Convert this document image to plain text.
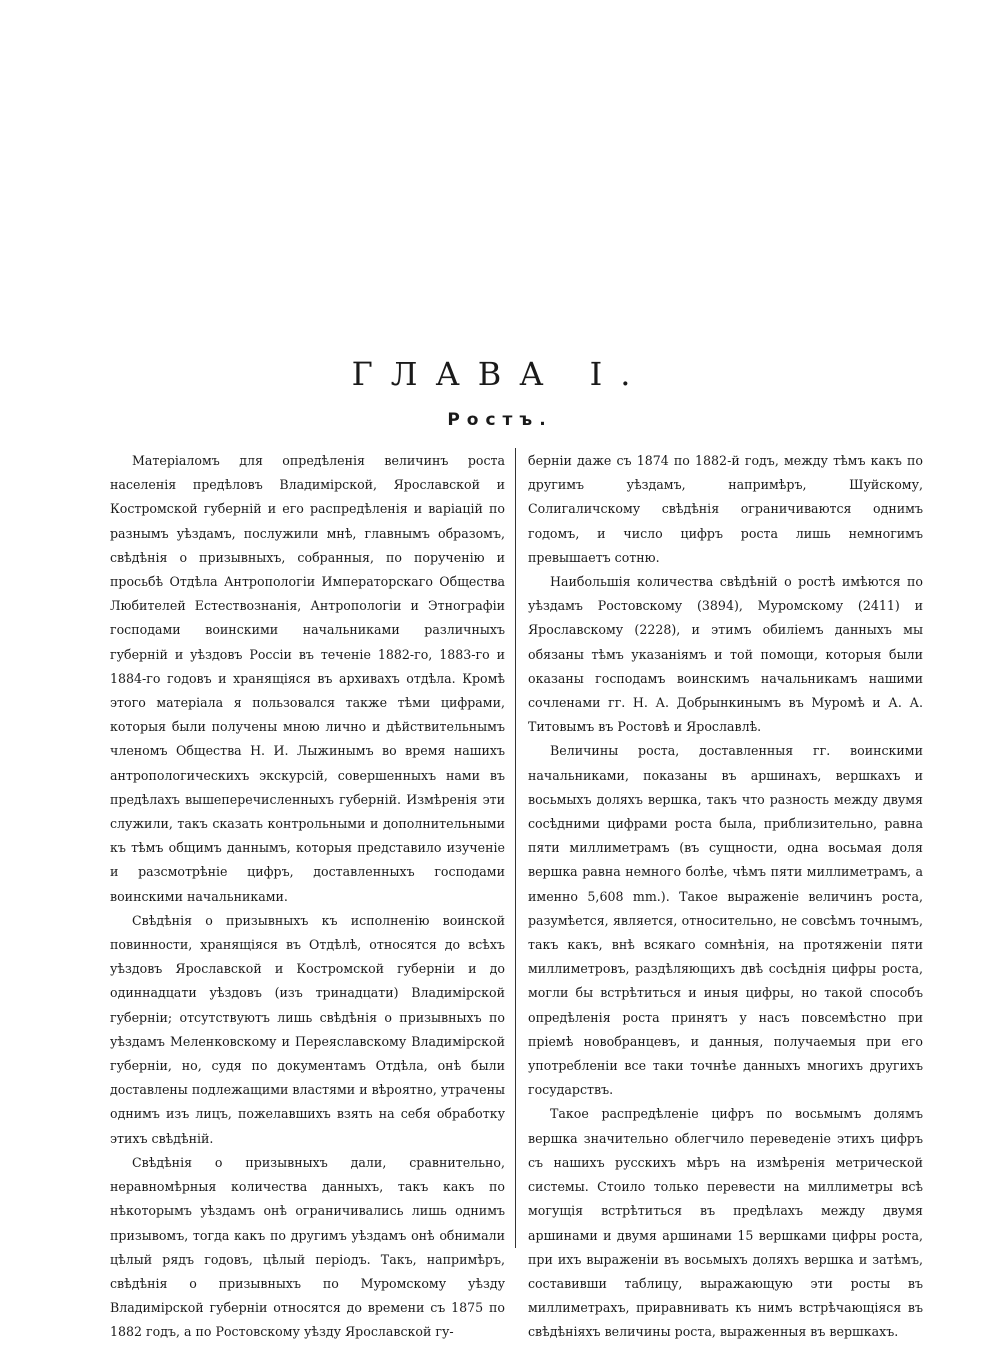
ГЛАВА I.
Ростъ.

Матеріаломъ для опредѣленія величинъ роста населенія предѣловъ Владимірской, Ярославской и Костромской губерній и его распредѣленія и варіацій по разнымъ уѣздамъ, послужили мнѣ, главнымъ образомъ, свѣдѣнія о призывныхъ, собранныя, по порученію и просьбѣ Отдѣла Антропологіи Императорскаго Общества Любителей Естествознанія, Антропологіи и Этнографіи господами воинскими начальниками различныхъ губерній и уѣздовъ Россіи въ теченіе 1882-го, 1883-го и 1884-го годовъ и хранящіяся въ архивахъ отдѣла. Кромѣ этого матеріала я пользовался также тѣми цифрами, которыя были получены мною лично и дѣйствительнымъ членомъ Общества Н. И. Лыжинымъ во время нашихъ антропологическихъ экскурсій, совершенныхъ нами въ предѣлахъ вышеперечисленныхъ губерній. Измѣренія эти служили, такъ сказать контрольными и дополнительными къ тѣмъ общимъ даннымъ, которыя представило изученіе и разсмотрѣніе цифръ, доставленныхъ господами воинскими начальниками.

Свѣдѣнія о призывныхъ къ исполненію воинской повинности, хранящіяся въ Отдѣлѣ, относятся до всѣхъ уѣздовъ Ярославской и Костромской губерніи и до одиннадцати уѣздовъ (изъ тринадцати) Владимірской губерніи; отсутствуютъ лишь свѣдѣнія о призывныхъ по уѣздамъ Меленковскому и Переяславскому Владимірской губерніи, но, судя по документамъ Отдѣла, онѣ были доставлены подлежащими властями и вѣроятно, утрачены однимъ изъ лицъ, пожелавшихъ взять на себя обработку этихъ свѣдѣній.

Свѣдѣнія о призывныхъ дали, сравнительно, неравномѣрныя количества данныхъ, такъ какъ по нѣкоторымъ уѣздамъ онѣ ограничивались лишь однимъ призывомъ, тогда какъ по другимъ уѣздамъ онѣ обнимали цѣлый рядъ годовъ, цѣлый періодъ. Такъ, напримѣръ, свѣдѣнія о призывныхъ по Муромскому уѣзду Владимірской губерніи относятся до времени съ 1875 по 1882 годъ, а по Ростовскому уѣзду Ярославской гу-

берніи даже съ 1874 по 1882-й годъ, между тѣмъ какъ по другимъ уѣздамъ, напримѣръ, Шуйскому, Солигаличскому свѣдѣнія ограничиваются однимъ годомъ, и число цифръ роста лишь немногимъ превышаетъ сотню.

Наибольшія количества свѣдѣній о ростѣ имѣются по уѣздамъ Ростовскому (3894), Муромскому (2411) и Ярославскому (2228), и этимъ обиліемъ данныхъ мы обязаны тѣмъ указаніямъ и той помощи, которыя были оказаны господамъ воинскимъ начальникамъ нашими сочленами гг. Н. А. Добрынкинымъ въ Муромѣ и А. А. Титовымъ въ Ростовѣ и Ярославлѣ.

Величины роста, доставленныя гг. воинскими начальниками, показаны въ аршинахъ, вершкахъ и восьмыхъ доляхъ вершка, такъ что разность между двумя сосѣдними цифрами роста была, приблизительно, равна пяти миллиметрамъ (въ сущности, одна восьмая доля вершка равна немного болѣе, чѣмъ пяти миллиметрамъ, а именно 5,608 mm.). Такое выраженіе величинъ роста, разумѣется, является, относительно, не совсѣмъ точнымъ, такъ какъ, внѣ всякаго сомнѣнія, на протяженіи пяти миллиметровъ, раздѣляющихъ двѣ сосѣднія цифры роста, могли бы встрѣтиться и иныя цифры, но такой способъ опредѣленія роста принятъ у насъ повсемѣстно при пріемѣ новобранцевъ, и данныя, получаемыя при его употребленіи все таки точнѣе данныхъ многихъ другихъ государствъ.

Такое распредѣленіе цифръ по восьмымъ долямъ вершка значительно облегчило переведеніе этихъ цифръ съ нашихъ русскихъ мѣръ на измѣренія метрической системы. Стоило только перевести на миллиметры всѣ могущія встрѣтиться въ предѣлахъ между двумя аршинами и двумя аршинами 15 вершками цифры роста, при ихъ выраженіи въ восьмыхъ доляхъ вершка и затѣмъ, составивши таблицу, выражающую эти росты въ миллиметрахъ, приравнивать къ нимъ встрѣчающіяся въ свѣдѣніяхъ величины роста, выраженныя въ вершкахъ.
